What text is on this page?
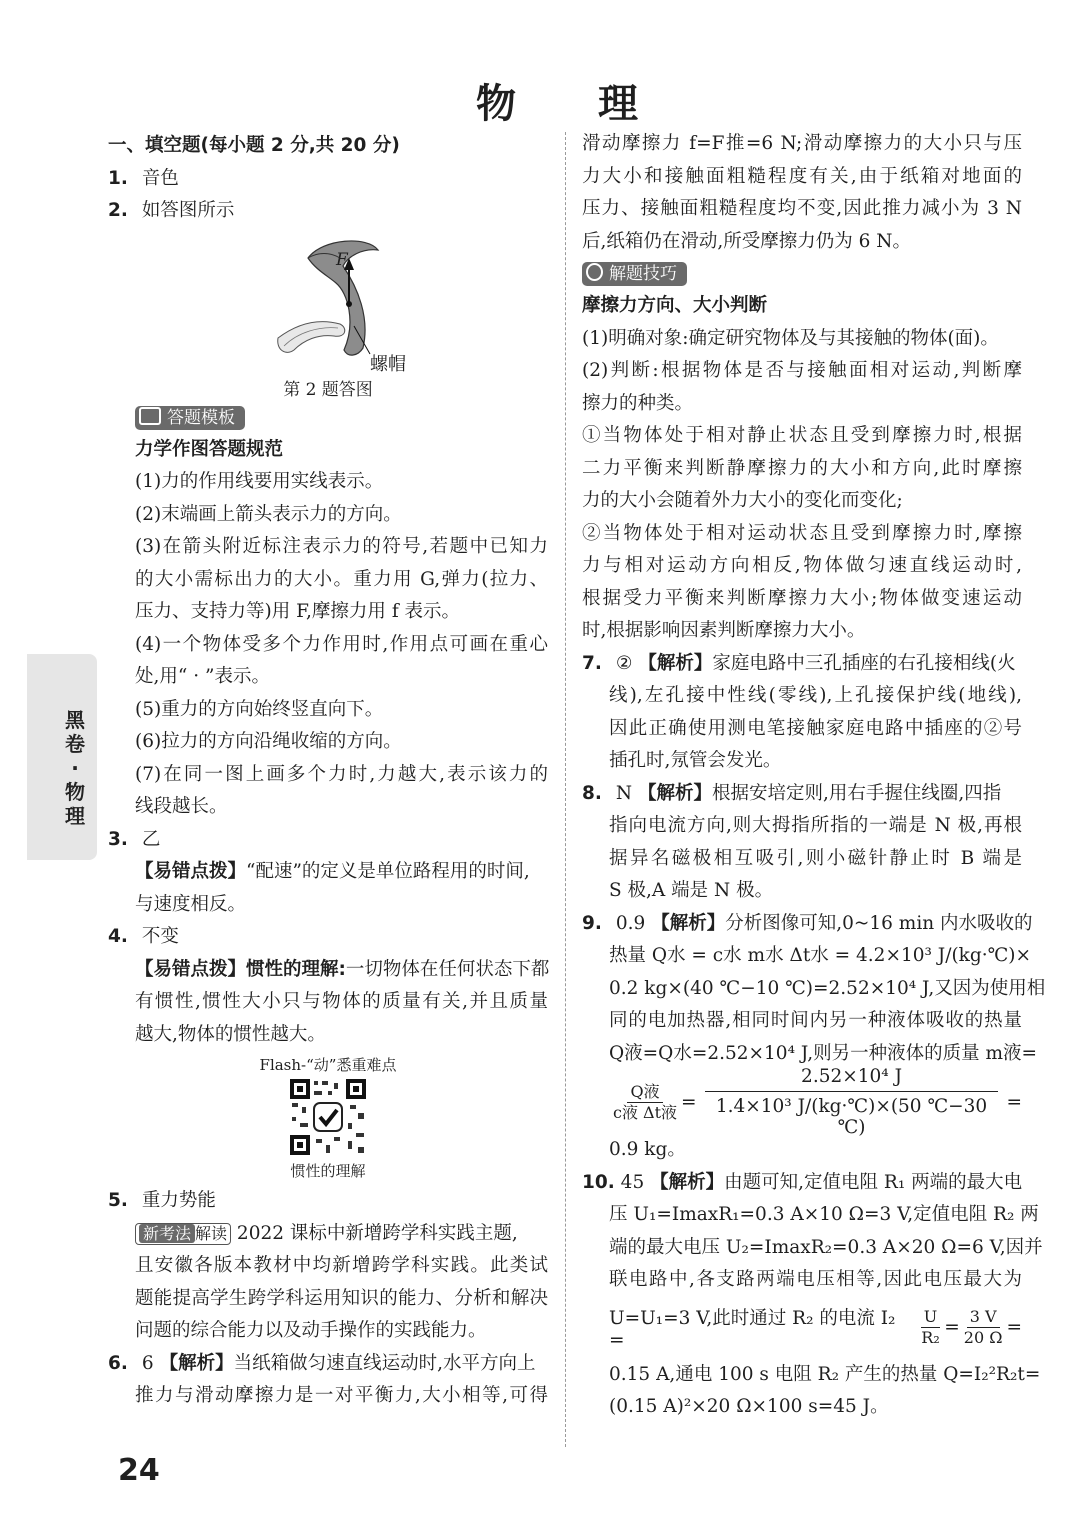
物 理
一、填空题(每小题 2 分,共 20 分)
1. 音色
2. 如答图所示
F
螺帽
第 2 题答图
答题模板
力学作图答题规范
(1)力的作用线要用实线表示。
(2)末端画上箭头表示力的方向。
(3)在箭头附近标注表示力的符号,若题中已知力
的大小需标出力的大小。重力用 G,弹力(拉力、
压力、支持力等)用 F,摩擦力用 f 表示。
(4)一个物体受多个力作用时,作用点可画在重心
处,用“ · ”表示。
(5)重力的方向始终竖直向下。
(6)拉力的方向沿绳收缩的方向。
(7)在同一图上画多个力时,力越大,表示该力的
线段越长。
3. 乙
【易错点拨】“配速”的定义是单位路程用的时间,
与速度相反。
4. 不变
【易错点拨】惯性的理解:一切物体在任何状态下都
有惯性,惯性大小只与物体的质量有关,并且质量
越大,物体的惯性越大。
Flash-“动”悉重难点
惯性的理解
5. 重力势能
新考法 解读 2022 课标中新增跨学科实践主题,
且安徽各版本教材中均新增跨学科实践。此类试
题能提高学生跨学科运用知识的能力、分析和解决
问题的综合能力以及动手操作的实践能力。
6. 6 【解析】当纸箱做匀速直线运动时,水平方向上
推力与滑动摩擦力是一对平衡力,大小相等,可得
滑动摩擦力 f=F推=6 N;滑动摩擦力的大小只与压
力大小和接触面粗糙程度有关,由于纸箱对地面的
压力、接触面粗糙程度均不变,因此推力减小为 3 N
后,纸箱仍在滑动,所受摩擦力仍为 6 N。
解题技巧
摩擦力方向、大小判断
(1)明确对象:确定研究物体及与其接触的物体(面)。
(2)判断:根据物体是否与接触面相对运动,判断摩
擦力的种类。
①当物体处于相对静止状态且受到摩擦力时,根据
二力平衡来判断静摩擦力的大小和方向,此时摩擦
力的大小会随着外力大小的变化而变化;
②当物体处于相对运动状态且受到摩擦力时,摩擦
力与相对运动方向相反,物体做匀速直线运动时,
根据受力平衡来判断摩擦力大小;物体做变速运动
时,根据影响因素判断摩擦力大小。
7. ② 【解析】家庭电路中三孔插座的右孔接相线(火
线),左孔接中性线(零线),上孔接保护线(地线),
因此正确使用测电笔接触家庭电路中插座的②号
插孔时,氖管会发光。
8. N 【解析】根据安培定则,用右手握住线圈,四指
指向电流方向,则大拇指所指的一端是 N 极,再根
据异名磁极相互吸引,则小磁针静止时 B 端是
S 极,A 端是 N 极。
9. 0.9 【解析】分析图像可知,0~16 min 内水吸收的
热量 Q水 = c水 m水 Δt水 = 4.2×10³ J/(kg·℃)×
0.2 kg×(40 ℃−10 ℃)=2.52×10⁴ J,又因为使用相
同的电加热器,相同时间内另一种液体吸收的热量
Q液=Q水=2.52×10⁴ J,则另一种液体的质量 m液=
$\frac{\text{Q液}}{\text{c液 Δt液}} = \frac{\text{2.52×10⁴ J}}{\text{1.4×10³ J/(kg·℃)×(50 ℃−30 ℃)}}$ =
0.9 kg。
10. 45 【解析】由题可知,定值电阻 R₁ 两端的最大电
压 U₁=ImaxR₁=0.3 A×10 Ω=3 V,定值电阻 R₂ 两
端的最大电压 U₂=ImaxR₂=0.3 A×20 Ω=6 V,因并
联电路中,各支路两端电压相等,因此电压最大为
U=U₁=3 V,此时通过 R₂ 的电流 I₂ =	$\frac{U}{\text{R₂}} = \frac{3 V}{20 \Omega}$ =
0.15 A,通电 100 s 电阻 R₂ 产生的热量 Q=I₂²R₂t=
(0.15 A)²×20 Ω×100 s=45 J。
黑
卷
·
物
理
24
